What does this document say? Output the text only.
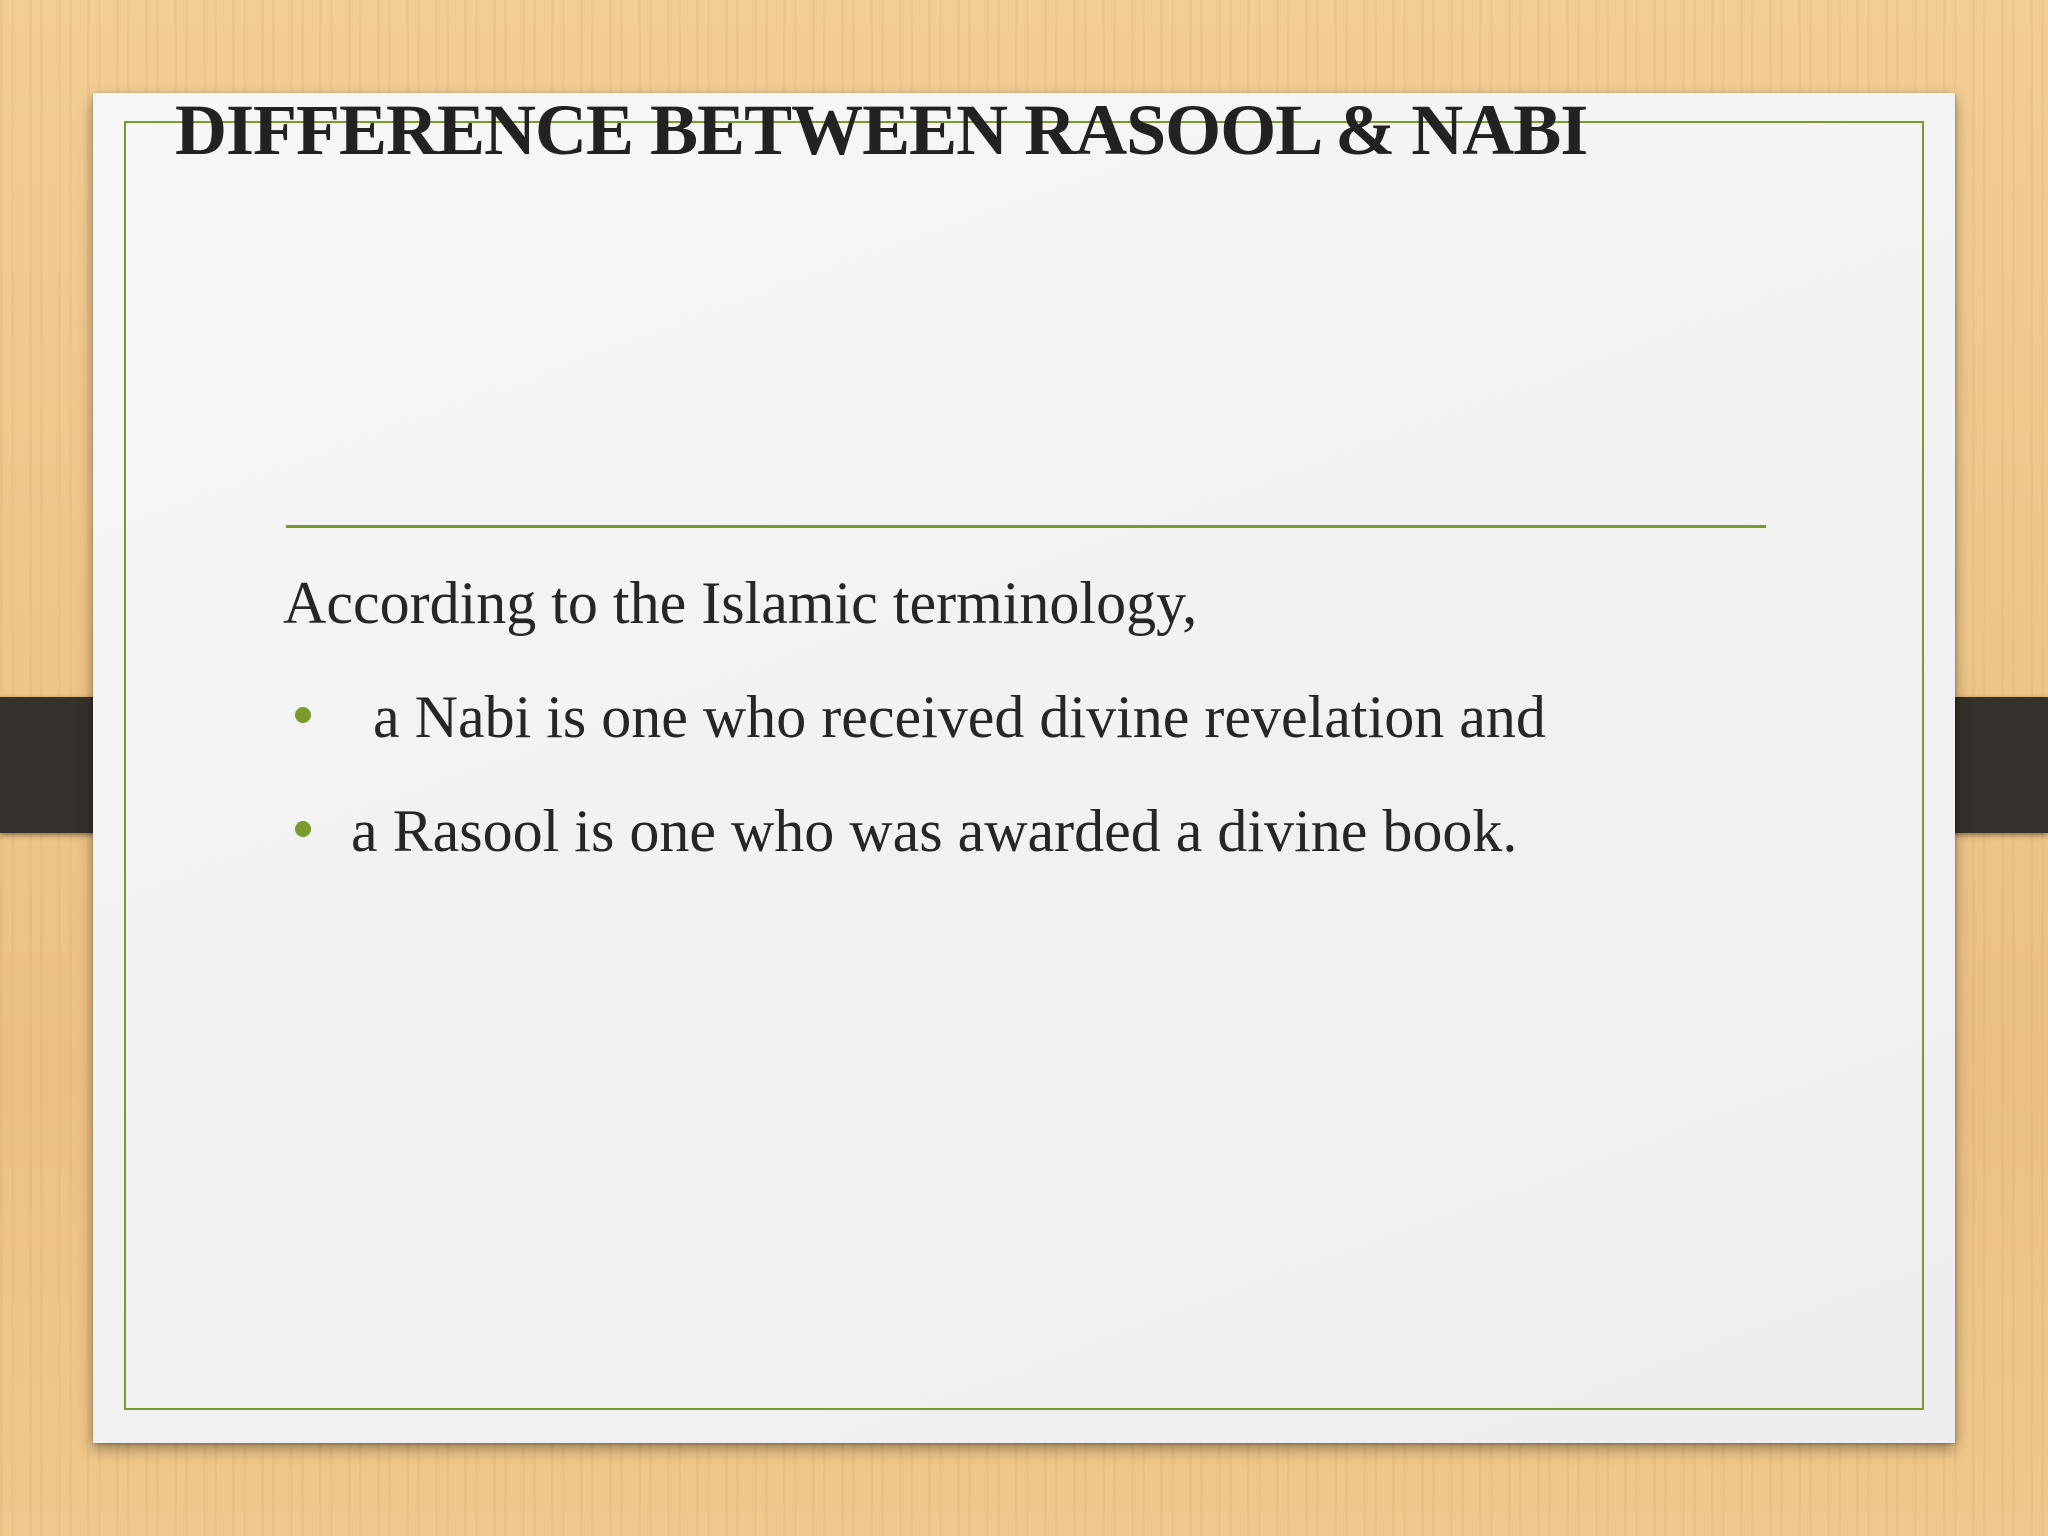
DIFFERENCE BETWEEN RASOOL & NABI

According to the Islamic terminology,

a Nabi is one who received divine revelation and
a Rasool is one who was awarded a divine book.
